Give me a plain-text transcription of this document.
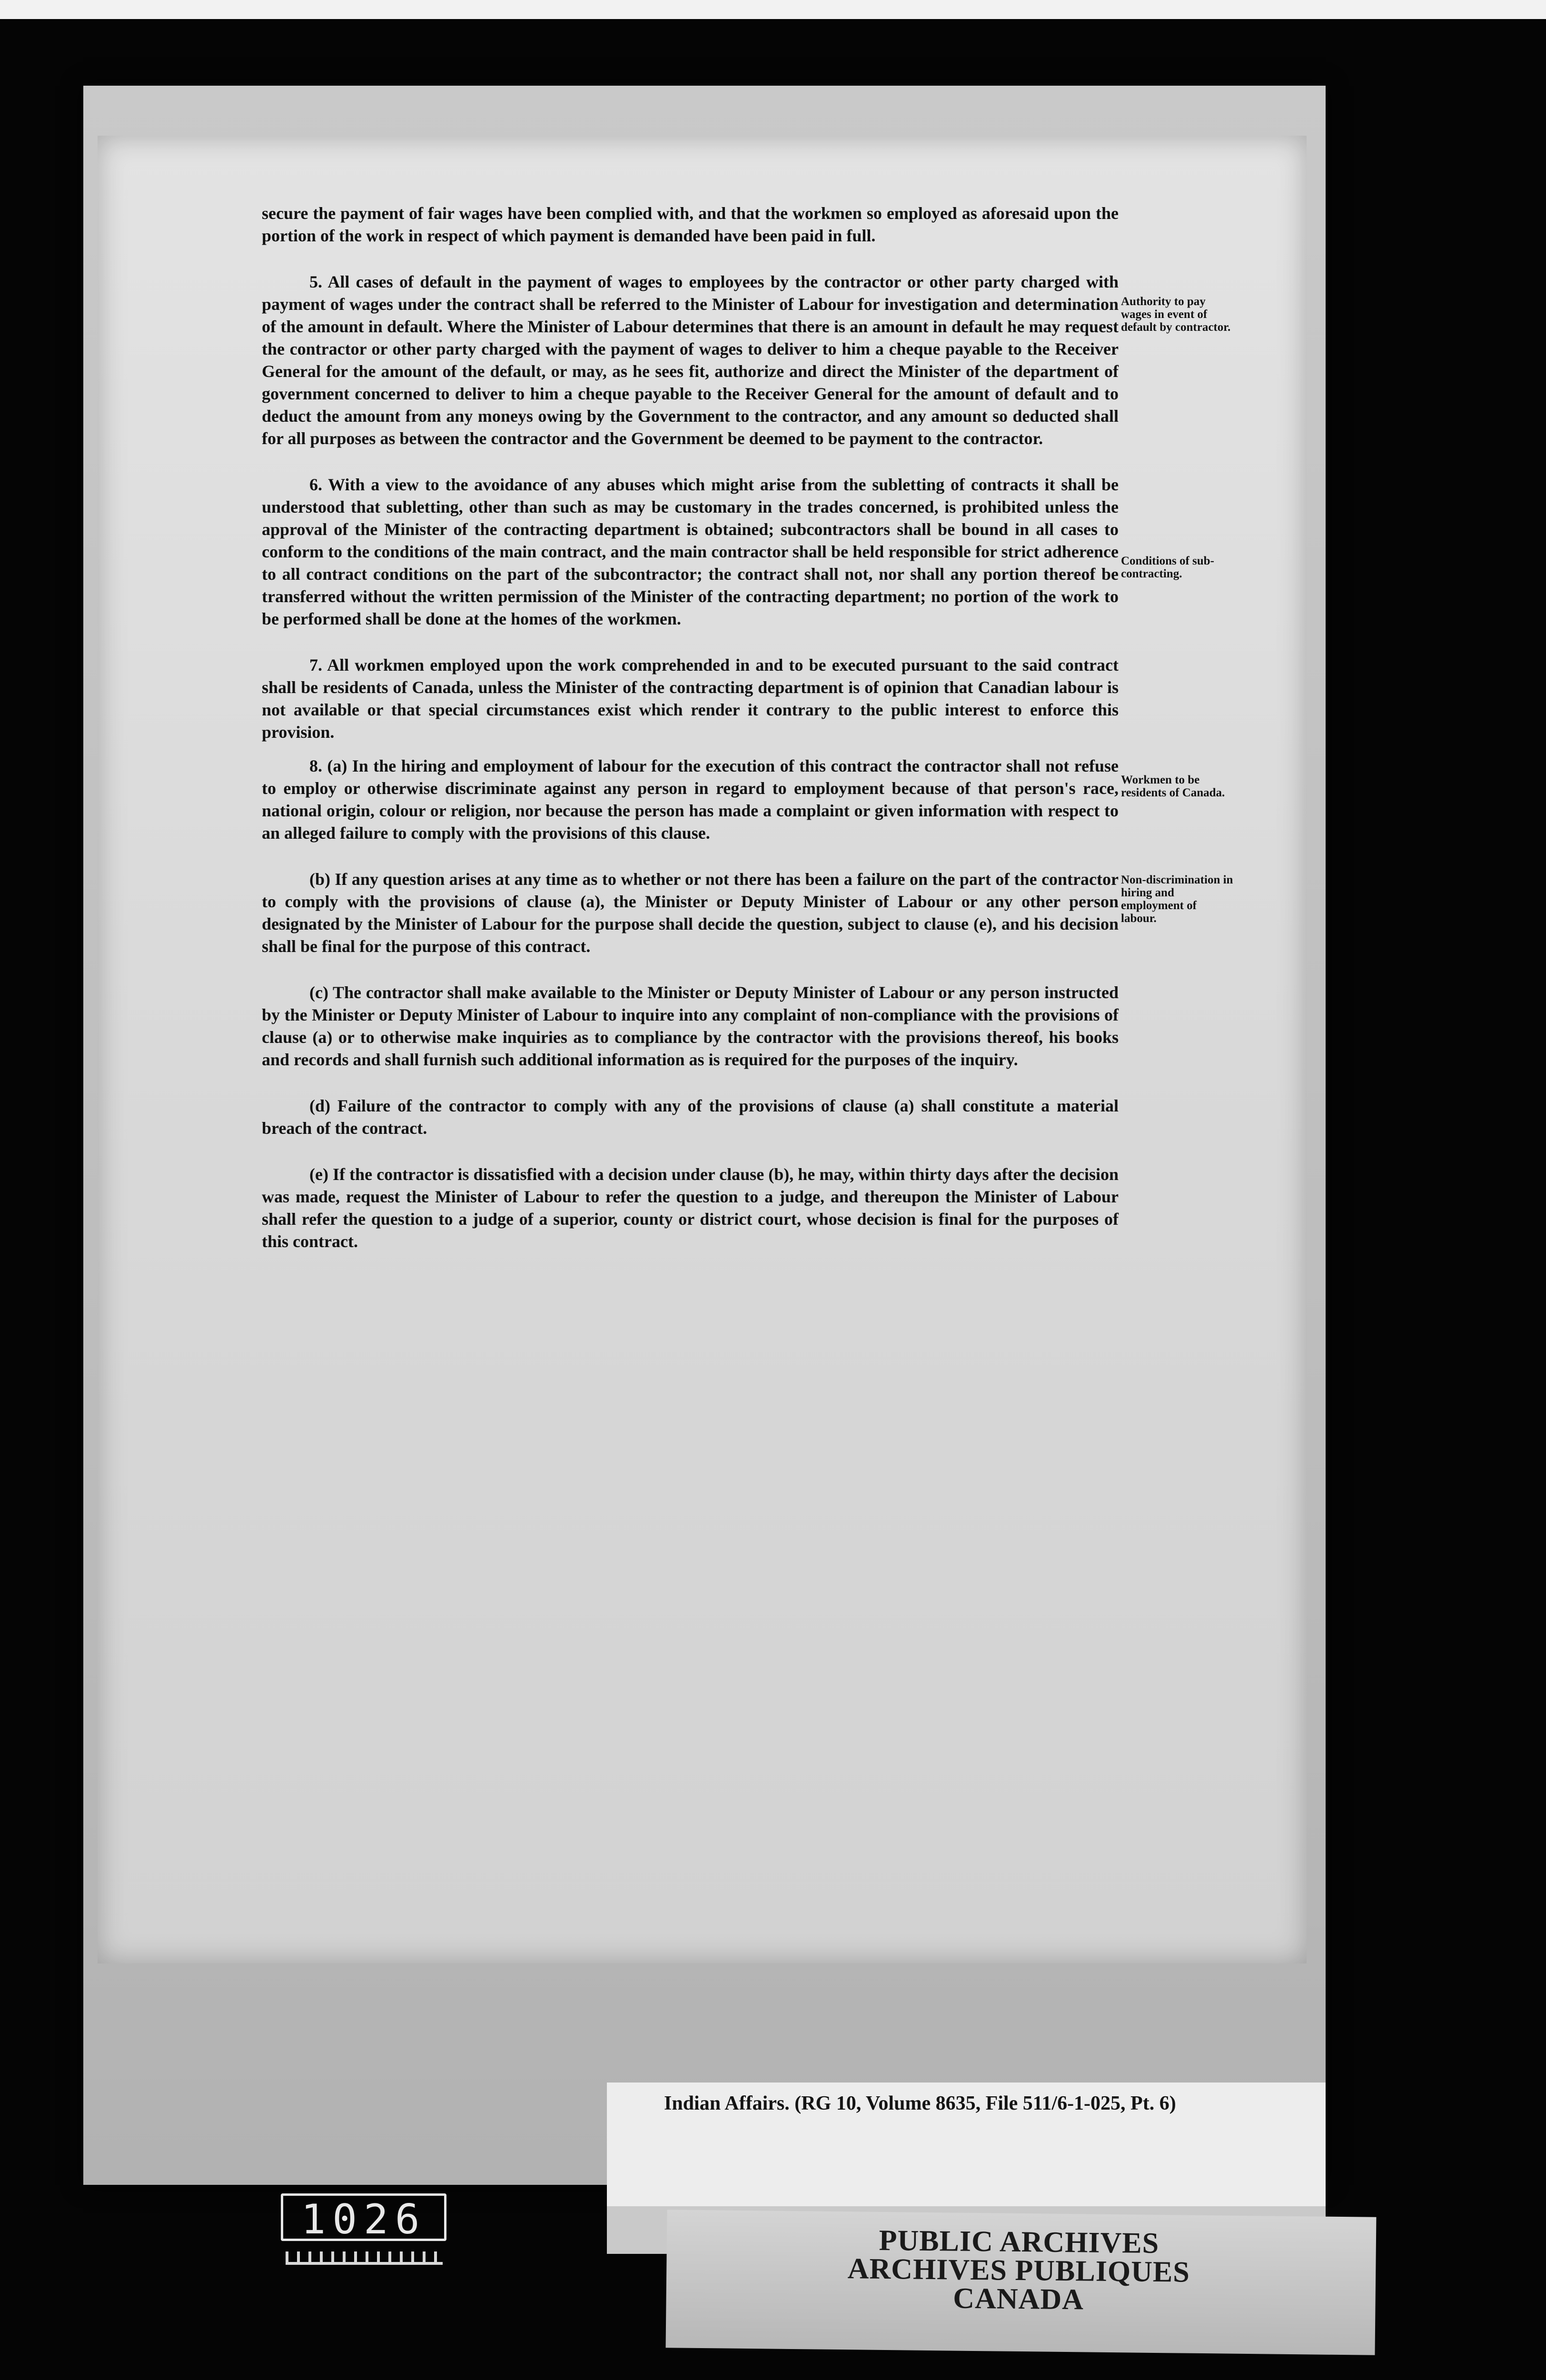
secure the payment of fair wages have been complied with, and that the workmen so employed as aforesaid upon the portion of the work in respect of which payment is demanded have been paid in full.

5. All cases of default in the payment of wages to employees by the contractor or other party charged with payment of wages under the contract shall be referred to the Minister of Labour for investigation and determination of the amount in default. Where the Minister of Labour determines that there is an amount in default he may request the contractor or other party charged with the payment of wages to deliver to him a cheque payable to the Receiver General for the amount of the default, or may, as he sees fit, authorize and direct the Minister of the department of government concerned to deliver to him a cheque payable to the Receiver General for the amount of default and to deduct the amount from any moneys owing by the Government to the contractor, and any amount so deducted shall for all purposes as between the contractor and the Government be deemed to be payment to the contractor.

6. With a view to the avoidance of any abuses which might arise from the subletting of contracts it shall be understood that subletting, other than such as may be customary in the trades concerned, is prohibited unless the approval of the Minister of the contracting department is obtained; subcontractors shall be bound in all cases to conform to the conditions of the main contract, and the main contractor shall be held responsible for strict adherence to all contract conditions on the part of the subcontractor; the contract shall not, nor shall any portion thereof be transferred without the written permission of the Minister of the contracting department; no portion of the work to be performed shall be done at the homes of the workmen.

7. All workmen employed upon the work comprehended in and to be executed pursuant to the said contract shall be residents of Canada, unless the Minister of the contracting department is of opinion that Canadian labour is not available or that special circumstances exist which render it contrary to the public interest to enforce this provision.

8. (a) In the hiring and employment of labour for the execution of this contract the contractor shall not refuse to employ or otherwise discriminate against any person in regard to employment because of that person's race, national origin, colour or religion, nor because the person has made a complaint or given information with respect to an alleged failure to comply with the provisions of this clause.

(b) If any question arises at any time as to whether or not there has been a failure on the part of the contractor to comply with the provisions of clause (a), the Minister or Deputy Minister of Labour or any other person designated by the Minister of Labour for the purpose shall decide the question, subject to clause (e), and his decision shall be final for the purpose of this contract.

(c) The contractor shall make available to the Minister or Deputy Minister of Labour or any person instructed by the Minister or Deputy Minister of Labour to inquire into any complaint of non-compliance with the provisions of clause (a) or to otherwise make inquiries as to compliance by the contractor with the provisions thereof, his books and records and shall furnish such additional information as is required for the purposes of the inquiry.

(d) Failure of the contractor to comply with any of the provisions of clause (a) shall constitute a material breach of the contract.

(e) If the contractor is dissatisfied with a decision under clause (b), he may, within thirty days after the decision was made, request the Minister of Labour to refer the question to a judge, and thereupon the Minister of Labour shall refer the question to a judge of a superior, county or district court, whose decision is final for the purposes of this contract.

Authority to pay wages in event of default by contractor.
Conditions of sub-contracting.
Workmen to be residents of Canada.
Non-discrimination in hiring and employment of labour.
Indian Affairs. (RG 10, Volume 8635, File 511/6-1-025, Pt. 6)
PUBLIC ARCHIVES
ARCHIVES PUBLIQUES
CANADA
1026
